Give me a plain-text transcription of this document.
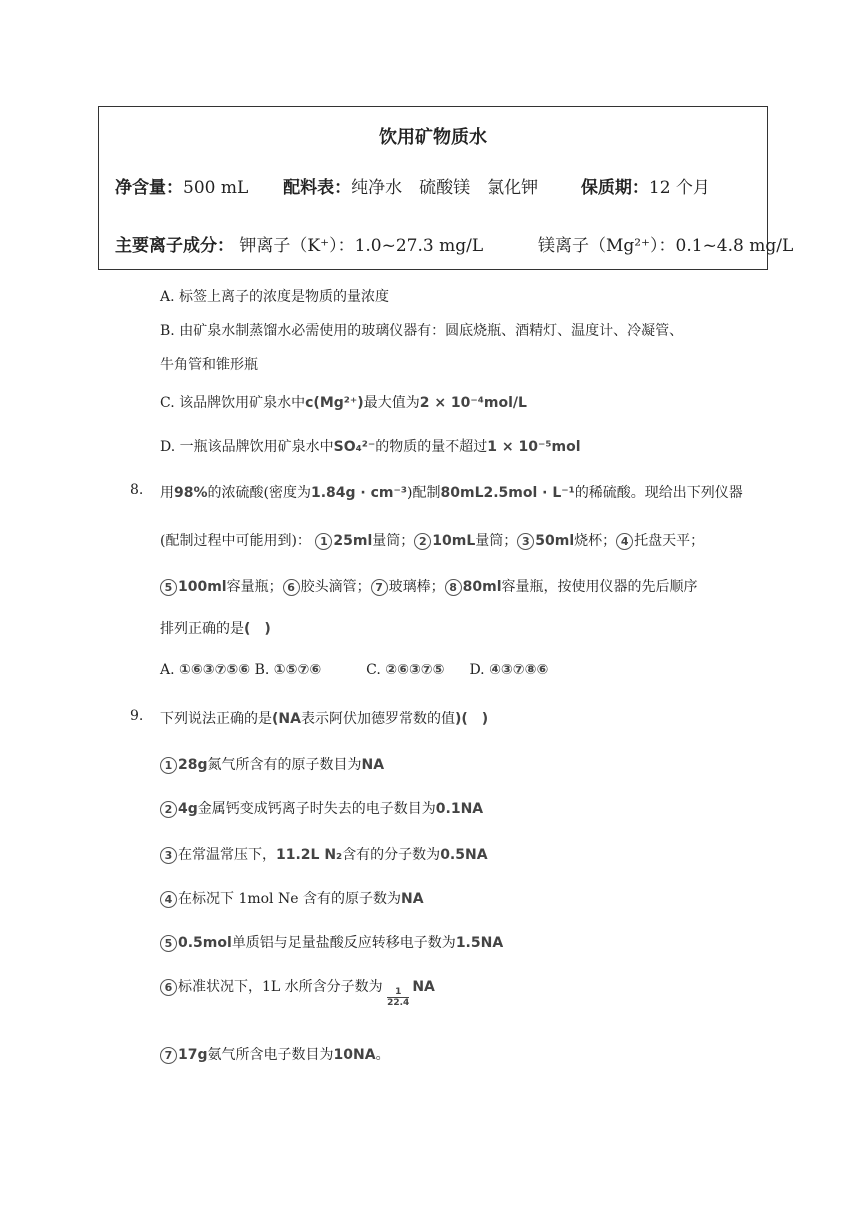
饮用矿物质水
净含量：500 mL 配料表：纯净水　硫酸镁　氯化钾	保质期：12 个月
主要离子成分： 钾离子（K⁺）：1.0~27.3 mg/L	镁离子（Mg²⁺）：0.1~4.8 mg/L
A. 标签上离子的浓度是物质的量浓度
B. 由矿泉水制蒸馏水必需使用的玻璃仪器有：圆底烧瓶、酒精灯、温度计、冷凝管、
牛角管和锥形瓶
C. 该品牌饮用矿泉水中c(Mg²⁺)最大值为2 × 10⁻⁴mol/L
D. 一瓶该品牌饮用矿泉水中SO₄²⁻的物质的量不超过1 × 10⁻⁵mol
8. 用98%的浓硫酸(密度为1.84g · cm⁻³)配制80mL2.5mol · L⁻¹的稀硫酸。现给出下列仪器
(配制过程中可能用到)： 1 25ml量筒； 2 10mL量筒； 3 50ml烧杯； 4 托盘天平；
5 100ml容量瓶； 6 胶头滴管； 7 玻璃棒； 8 80ml容量瓶，按使用仪器的先后顺序
排列正确的是(　)
A. ①⑥③⑦⑤⑥ B. ①⑤⑦⑥	C. ②⑥③⑦⑤ D. ④③⑦⑧⑥
9. 下列说法正确的是(NA表示阿伏加德罗常数的值)(　)
1 28g氮气所含有的原子数目为NA
2 4g金属钙变成钙离子时失去的电子数目为0.1NA
3 在常温常压下，11.2L N₂含有的分子数为0.5NA
4 在标况下 1mol Ne 含有的原子数为NA
5 0.5mol单质铝与足量盐酸反应转移电子数为1.5NA
6 标准状况下，1L 水所含分子数为 $\frac{1}{22.4}$ NA
7 17g氨气所含电子数目为10NA。
